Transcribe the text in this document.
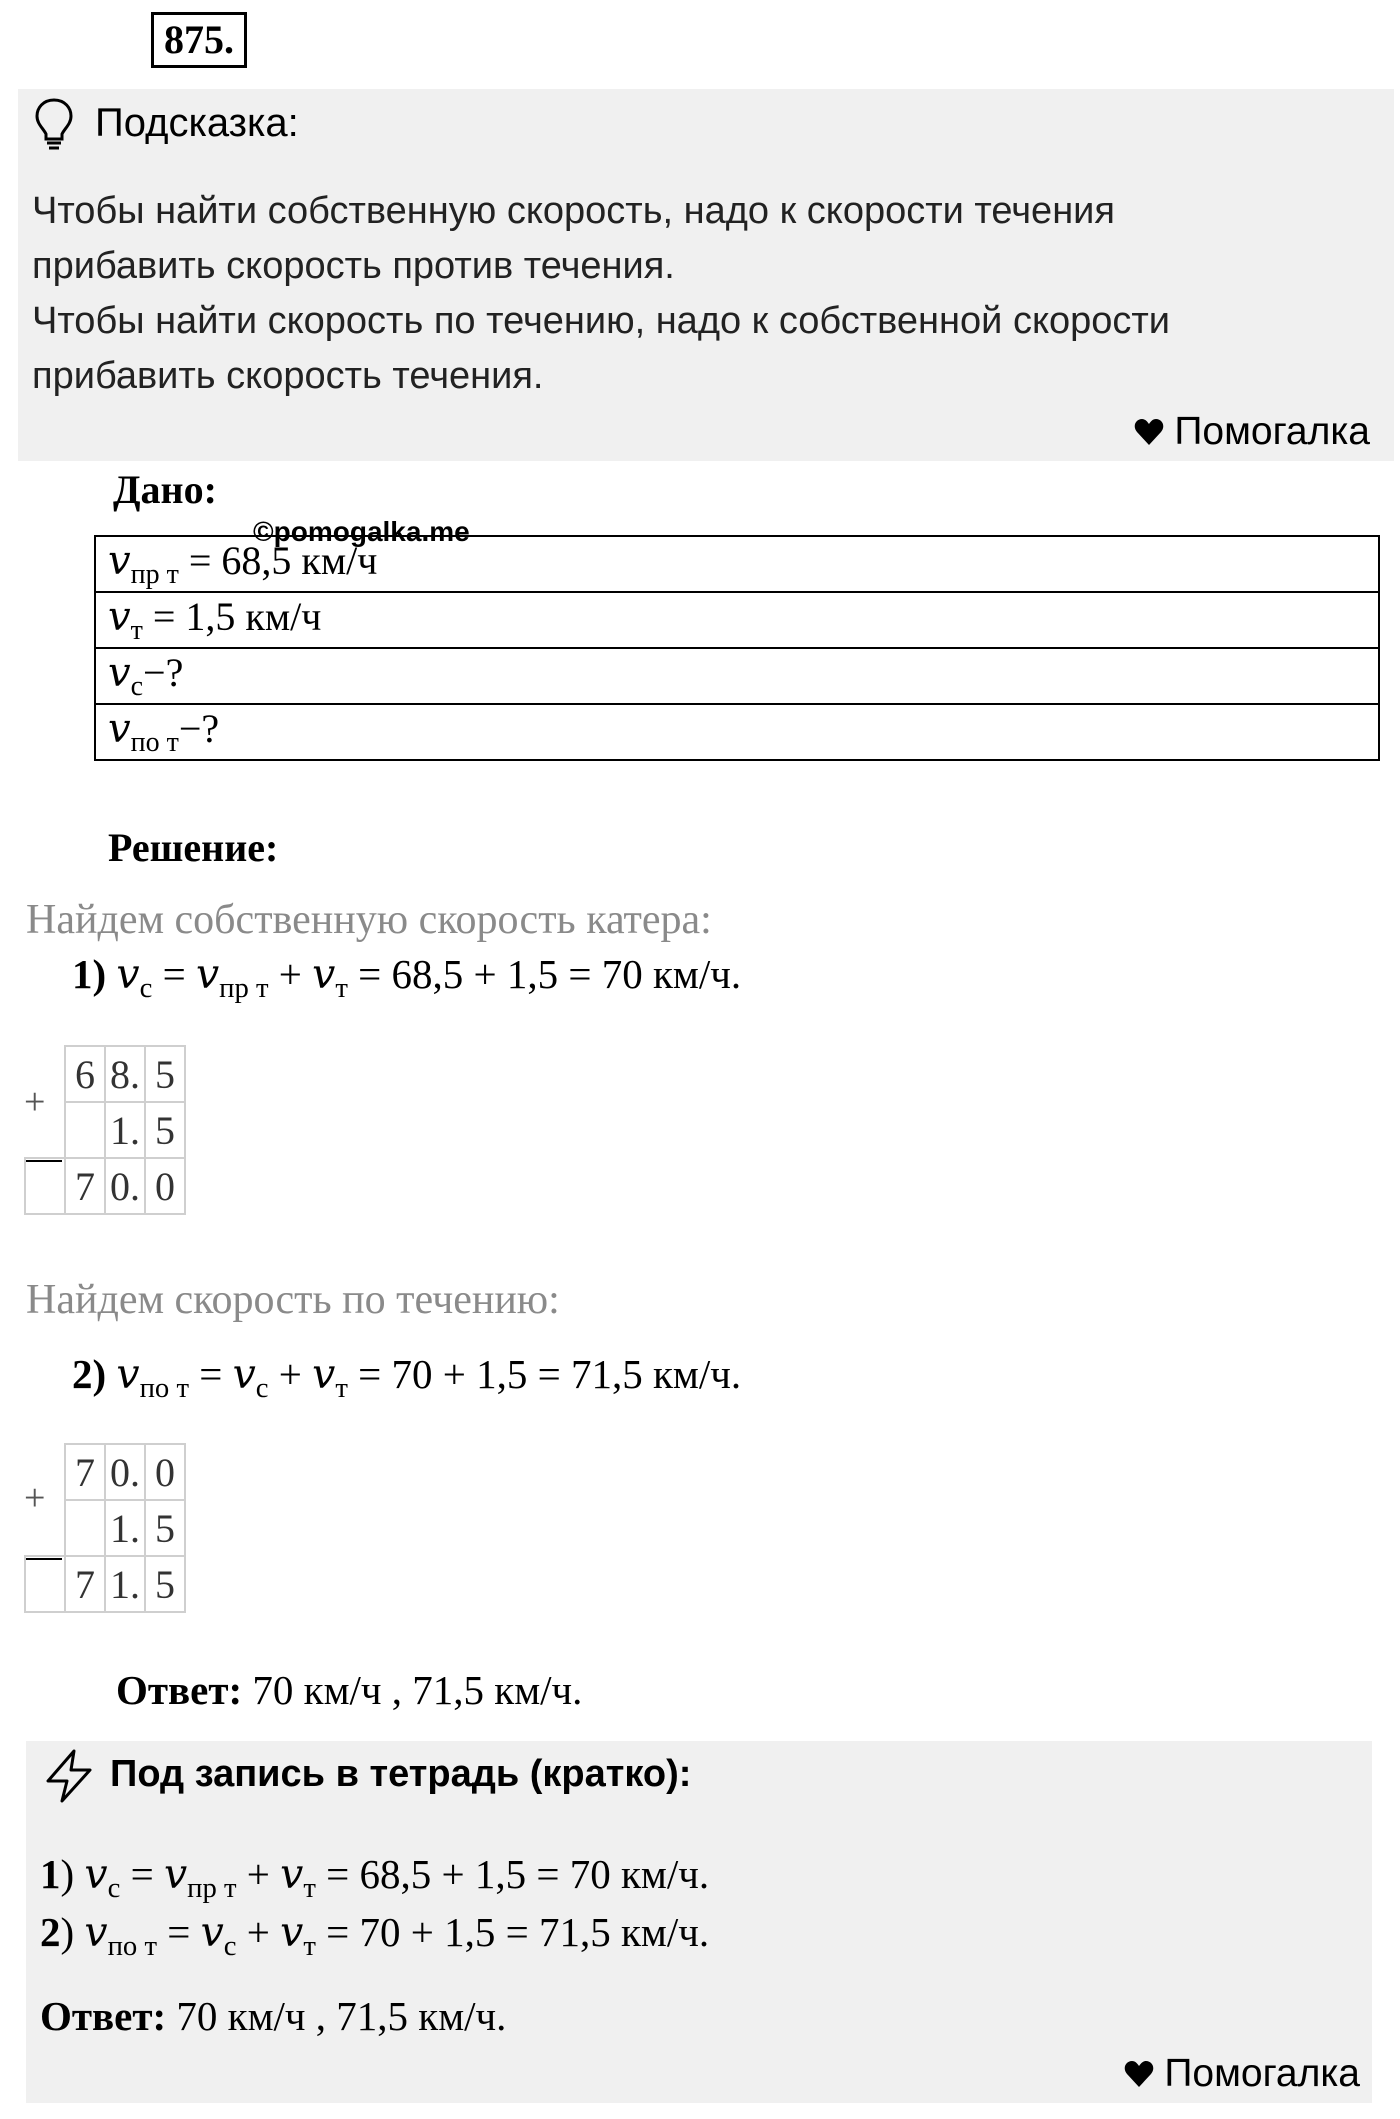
875.
Подсказка:
Чтобы найти собственную скорость, надо к скорости течения
прибавить скорость против течения.
Чтобы найти скорость по течению, надо к собственной скорости
прибавить скорость течения.
Помогалка
Дано:
©pomogalka.me
$v_{пр т} = 68,5$ км/ч
$v_т = 1,5$ км/ч
$v_с-$?
$v_{по т}-$?
Решение:
Найдем собственную скорость катера:
1) $v_с = v_{пр т} + v_т = 68,5 + 1,5 = 70$ км/ч.
+
	6	8.	5
		1.	5
	7	0.	0
Найдем скорость по течению:
2) $v_{по т} = v_с + v_т = 70 + 1,5 = 71,5$ км/ч.
+
	7	0.	0
		1.	5
	7	1.	5
Ответ: 70 км/ч , 71,5 км/ч.
Под запись в тетрадь (кратко):
1) $v_с = v_{пр т} + v_т = 68,5 + 1,5 = 70$ км/ч.
2) $v_{по т} = v_с + v_т = 70 + 1,5 = 71,5$ км/ч.
Ответ: 70 км/ч , 71,5 км/ч.
Помогалка
